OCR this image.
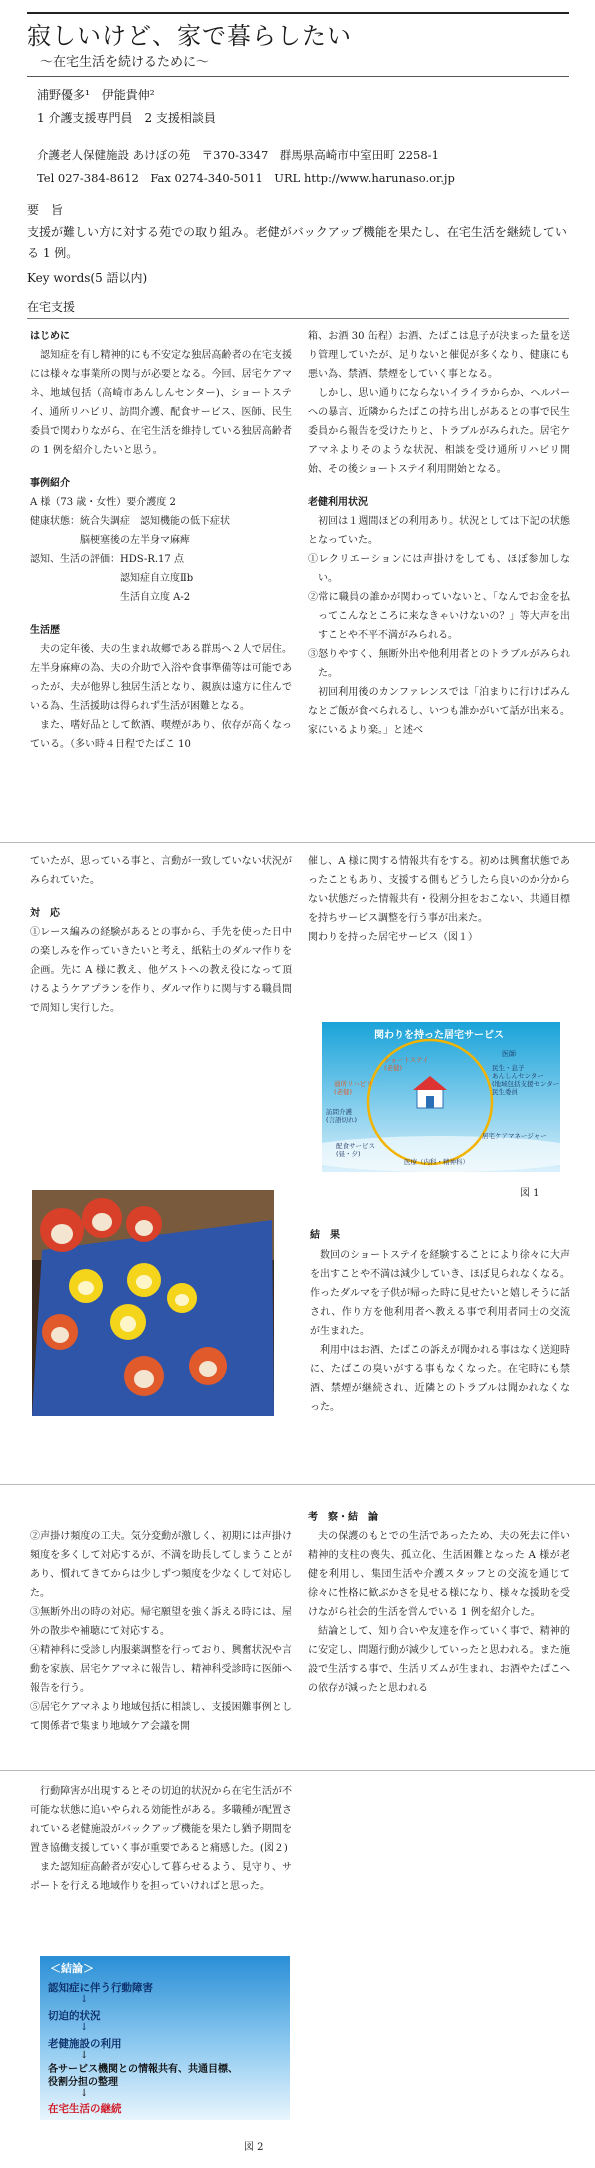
寂しいけど、家で暮らしたい
～在宅生活を続けるために～
浦野優多¹　伊能貴伸²
1 介護支援専門員　2 支援相談員
介護老人保健施設 あけぼの苑　〒370-3347　群馬県高崎市中室田町 2258-1
Tel 027-384-8612　Fax 0274-340-5011　URL http://www.harunaso.or.jp
要　旨
支援が難しい方に対する苑での取り組み。老健がバックアップ機能を果たし、在宅生活を継続している 1 例。
Key words(5 語以内)
在宅支援

はじめに

認知症を有し精神的にも不安定な独居高齢者の在宅支援には様々な事業所の関与が必要となる。今回、居宅ケアマネ、地域包括（高崎市あんしんセンター)、ショートステイ、通所リハビリ、訪問介護、配食サービス、医師、民生委員で関わりながら、在宅生活を維持している独居高齢者の 1 例を紹介したいと思う。

事例紹介

A 様（73 歳・女性）要介護度 2

健康状態：統合失調症　認知機能の低下症状

　　　　　脳梗塞後の左半身マ麻痺

認知、生活の評価：HDS-R.17 点

　　　　　　　　　認知症自立度Ⅱb

　　　　　　　　　生活自立度 A-2

生活歴

夫の定年後、夫の生まれ故郷である群馬へ２人で居住。左半身麻痺の為、夫の介助で入浴や食事準備等は可能であったが、夫が他界し独居生活となり、親族は遠方に住んでいる為、生活援助は得られず生活が困難となる。

また、嗜好品として飲酒、喫煙があり、依存が高くなっている。（多い時４日程でたばこ 10

箱、お酒 30 缶程）お酒、たばこは息子が決まった量を送り管理していたが、足りないと催促が多くなり、健康にも悪い為、禁酒、禁煙をしていく事となる。

しかし、思い通りにならないイライラからか、ヘルパーへの暴言、近隣からたばこの持ち出しがあるとの事で民生委員から報告を受けたりと、トラブルがみられた。居宅ケアマネよりそのような状況、相談を受け通所リハビリ開始、その後ショートステイ利用開始となる。

老健利用状況

初回は１週間ほどの利用あり。状況としては下記の状態となっていた。

①レクリエーションには声掛けをしても、ほぼ参加しない。

②常に職員の誰かが関わっていないと、「なんでお金を払ってこんなところに来なきゃいけないの？」等大声を出すことや不平不満がみられる。

③怒りやすく、無断外出や他利用者とのトラブルがみられた。

初回利用後のカンファレンスでは「泊まりに行けばみんなとご飯が食べられるし、いつも誰かがいて話が出来る。家にいるより楽。」と述べ

ていたが、思っている事と、言動が一致していない状況がみられていた。

対　応

①レース編みの経験があるとの事から、手先を使った日中の楽しみを作っていきたいと考え、紙粘土のダルマ作りを企画。先に A 様に教え、他ゲストへの教え役になって頂けるようケアプランを作り、ダルマ作りに関与する職員間で周知し実行した。

催し、A 様に関する情報共有をする。初めは興奮状態であったこともあり、支援する側もどうしたら良いのか分からない状態だった情報共有・役割分担をおこない、共通目標を持ちサービス調整を行う事が出来た。

関わりを持った居宅サービス（図１）

関わりを持った居宅サービス
ショートステイ(老健)
通所リハビリ(老健)
訪問介護(言語切れ)
配食サービス(昼・夕)
医師
民生・息子あんしんセンター(地域包括支援センター)民生委員
居宅ケアマネージャー
医療（内科・精神科）
図 1
結　果

数回のショートステイを経験することにより徐々に大声を出すことや不満は減少していき、ほぼ見られなくなる。作ったダルマを子供が帰った時に見せたいと嬉しそうに話され、作り方を他利用者へ教える事で利用者同士の交流が生まれた。

利用中はお酒、たばこの訴えが聞かれる事はなく送迎時に、たばこの臭いがする事もなくなった。在宅時にも禁酒、禁煙が継続され、近隣とのトラブルは聞かれなくなった。

②声掛け頻度の工夫。気分変動が激しく、初期には声掛け頻度を多くして対応するが、不満を助長してしまうことがあり、慣れてきてからは少しずつ頻度を少なくして対応した。

③無断外出の時の対応。帰宅願望を強く訴える時には、屋外の散歩や補聴にて対応する。

④精神科に受診し内服薬調整を行っており、興奮状況や言動を家族、居宅ケアマネに報告し、精神科受診時に医師へ報告を行う。

⑤居宅ケアマネより地域包括に相談し、支援困難事例として関係者で集まり地域ケア会議を開

考　察・結　論

夫の保護のもとでの生活であったため、夫の死去に伴い精神的支柱の喪失、孤立化、生活困難となった A 様が老健を利用し、集団生活や介護スタッフとの交流を通じて徐々に性格に歓ぶかさを見せる様になり、様々な援助を受けながら社会的生活を営んでいる 1 例を紹介した。

結論として、知り合いや友達を作っていく事で、精神的に安定し、問題行動が減少していったと思われる。また施設で生活する事で、生活リズムが生まれ、お酒やたばこへの依存が減ったと思われる

行動障害が出現するとその切迫的状況から在宅生活が不可能な状態に追いやられる効能性がある。多職種が配置されている老健施設がバックアップ機能を果たし猶予期間を置き協働支援していく事が重要であると痛感した。(図２)

また認知症高齢者が安心して暮らせるよう、見守り、サポートを行える地域作りを担っていければと思った。

＜結論＞
認知症に伴う行動障害
↓
切迫的状況
↓
老健施設の利用
↓
各サービス機関との情報共有、共通目標、
役割分担の整理
↓
在宅生活の継続
図 2
